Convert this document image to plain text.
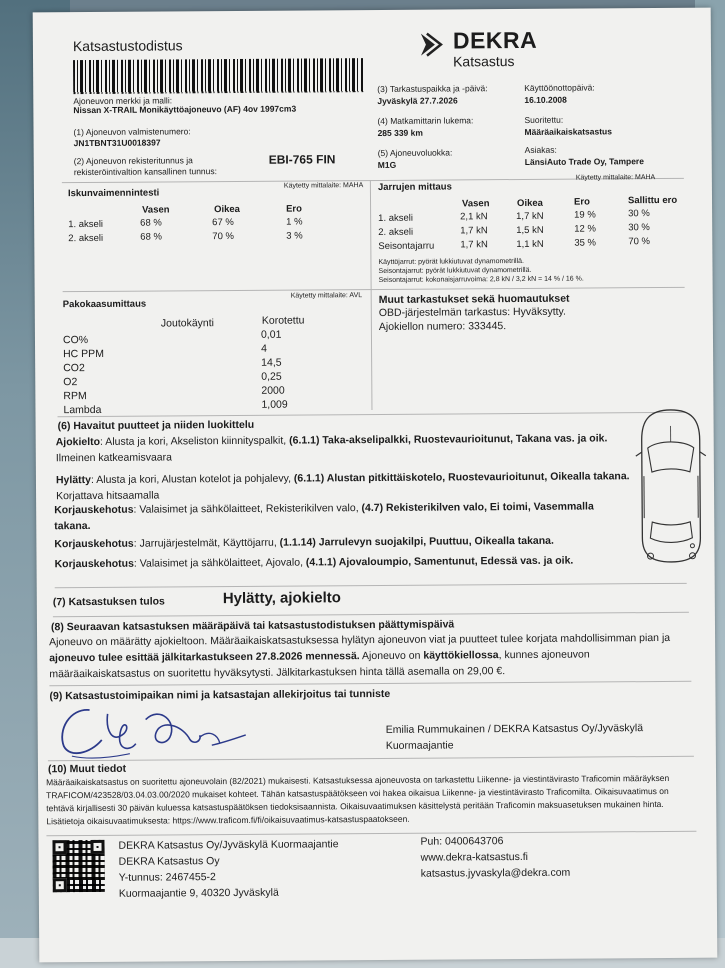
Katsastustodistus	DEKRA
Katsastus
Ajoneuvon merkki ja malli:
Nissan X-TRAIL Monikäyttöajoneuvo (AF) 4ov 1997cm3
(1) Ajoneuvon valmistenumero:
JN1TBNT31U0018397
(2) Ajoneuvon rekisteritunnus ja
rekisteröintivaltion kansallinen tunnus:
EBI-765 FIN
(3) Tarkastuspaikka ja -päivä:
Jyväskylä 27.7.2026
Käyttöönottopäivä:
16.10.2008
(4) Matkamittarin lukema:
285 339 km
Suoritettu:
Määräaikaiskatsastus
(5) Ajoneuvoluokka:
M1G
Asiakas:
LänsiAuto Trade Oy, Tampere
Iskunvaimennintesti
Käytetty mittalaite: MAHA
Vasen	Oikea	Ero
1. akseli	68 %	67 %	1 %
2. akseli	68 %	70 %	3 %
Jarrujen mittaus
Käytetty mittalaite: MAHA
Vasen	Oikea	Ero	Sallittu ero
1. akseli	2,1 kN	1,7 kN	19 %	30 %
2. akseli	1,7 kN	1,5 kN	12 %	30 %
Seisontajarru	1,7 kN	1,1 kN	35 %	70 %
Käyttöjarrut: pyörät lukkiutuvat dynamometrillä.
Seisontajarrut: pyörät lukkiutuvat dynamometrillä.
Seisontajarrut: kokonaisjarruvoima: 2,8 kN / 3,2 kN = 14 % / 16 %.
Pakokaasumittaus
Käytetty mittalaite: AVL
Joutokäynti	Korotettu
CO%	0,01
HC PPM	4
CO2	14,5
O2	0,25
RPM	2000
Lambda	1,009
Muut tarkastukset sekä huomautukset
OBD-järjestelmän tarkastus: Hyväksytty.
Ajokiellon numero: 333445.
(6) Havaitut puutteet ja niiden luokittelu
Ajokielto: Alusta ja kori, Akseliston kiinnityspalkit, (6.1.1) Taka-akselipalkki, Ruostevaurioitunut, Takana vas. ja oik. Ilmeinen katkeamisvaara
Hylätty: Alusta ja kori, Alustan kotelot ja pohjalevy, (6.1.1) Alustan pitkittäiskotelo, Ruostevaurioitunut, Oikealla takana. Korjattava hitsaamalla
Korjauskehotus: Valaisimet ja sähkölaitteet, Rekisterikilven valo, (4.7) Rekisterikilven valo, Ei toimi, Vasemmalla takana.
Korjauskehotus: Jarrujärjestelmät, Käyttöjarru, (1.1.14) Jarrulevyn suojakilpi, Puuttuu, Oikealla takana.
Korjauskehotus: Valaisimet ja sähkölaitteet, Ajovalo, (4.1.1) Ajovaloumpio, Samentunut, Edessä vas. ja oik.
(7) Katsastuksen tulos	Hylätty, ajokielto
(8) Seuraavan katsastuksen määräpäivä tai katsastustodistuksen päättymispäivä
Ajoneuvo on määrätty ajokieltoon. Määräaikaiskatsastuksessa hylätyn ajoneuvon viat ja puutteet tulee korjata mahdollisimman pian ja ajoneuvo tulee esittää jälkitarkastukseen 27.8.2026 mennessä. Ajoneuvo on käyttökiellossa, kunnes ajoneuvon määräaikaiskatsastus on suoritettu hyväksytysti. Jälkitarkastuksen hinta tällä asemalla on 29,00 €.
(9) Katsastustoimipaikan nimi ja katsastajan allekirjoitus tai tunniste
Emilia Rummukainen / DEKRA Katsastus Oy/Jyväskylä
Kuormaajantie
(10) Muut tiedot
Määräaikaiskatsastus on suoritettu ajoneuvolain (82/2021) mukaisesti. Katsastuksessa ajoneuvosta on tarkastettu Liikenne- ja viestintävirasto Traficomin määräyksen TRAFICOM/423528/03.04.03.00/2020 mukaiset kohteet. Tähän katsastuspäätökseen voi hakea oikaisua Liikenne- ja viestintävirasto Traficomilta. Oikaisuvaatimus on tehtävä kirjallisesti 30 päivän kuluessa katsastuspäätöksen tiedoksisaannista. Oikaisuvaatimuksen käsittelystä peritään Traficomin maksuasetuksen mukainen hinta. Lisätietoja oikaisuvaatimuksesta: https://www.traficom.fi/fi/oikaisuvaatimus-katsastuspaatokseen.
DEKRA Katsastus Oy/Jyväskylä Kuormaajantie
DEKRA Katsastus Oy
Y-tunnus: 2467455-2
Kuormaajantie 9, 40320 Jyväskylä
Puh: 0400643706
www.dekra-katsastus.fi
katsastus.jyvaskyla@dekra.com
